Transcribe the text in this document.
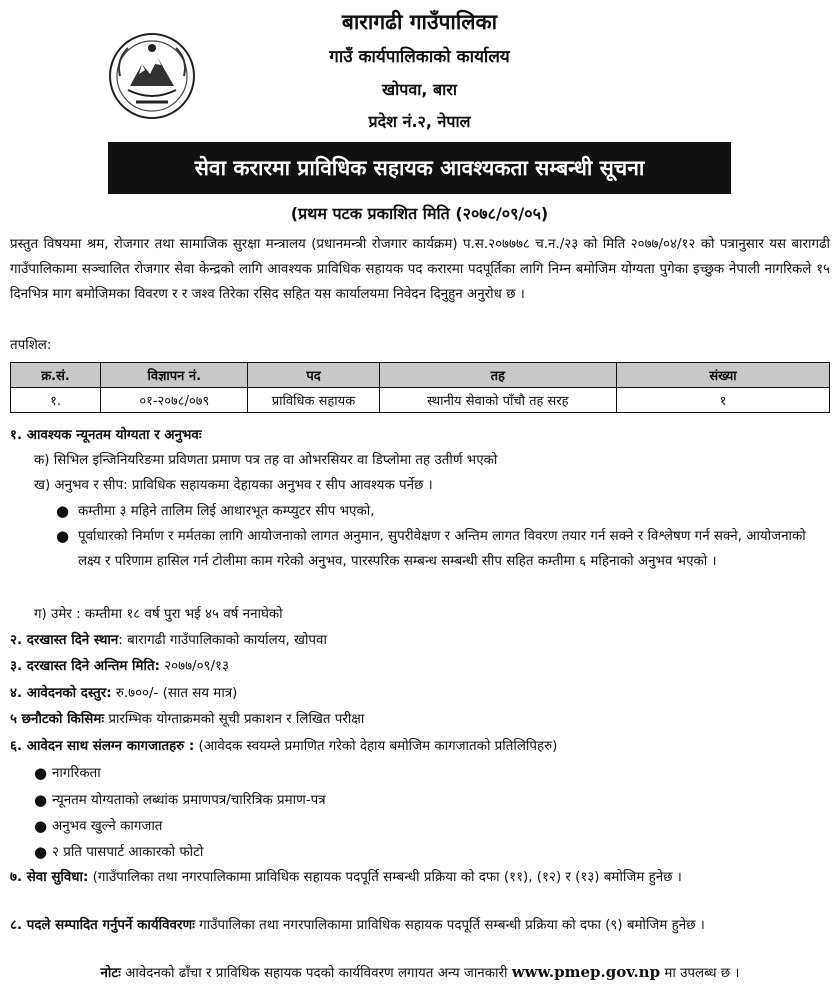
बारागढी गाउँपालिका
गाउँ कार्यपालिकाको कार्यालय
खोपवा, बारा
प्रदेश नं.२, नेपाल
सेवा करारमा प्राविधिक सहायक आवश्यकता सम्बन्धी सूचना
(प्रथम पटक प्रकाशित मिति (२०७८/०९/०५)

प्रस्तुत विषयमा श्रम, रोजगार तथा सामाजिक सुरक्षा मन्त्रालय (प्रधानमन्त्री रोजगार कार्यक्रम) प.स.२०७७७८ च.न./२३ को मिति २०७७/०४/१२ को पत्रानुसार यस बारागढी गाउँपालिकामा सञ्चालित रोजगार सेवा केन्द्रको लागि आवश्यक प्राविधिक सहायक पद करारमा पदपूर्तिका लागि निम्न बमोजिम योग्यता पुगेका इच्छुक नेपाली नागरिकले १५ दिनभित्र माग बमोजिमका विवरण र र जश्व तिरेका रसिद सहित यस कार्यालयमा निवेदन दिनुहुन अनुरोध छ ।

तपशिल:
क्र.सं.	विज्ञापन नं.	पद	तह	संख्या
१.	०१-२०७८/०७९	प्राविधिक सहायक	स्थानीय सेवाको पाँचौ तह सरह	१
१. आवश्यक न्यूनतम योग्यता र अनुभवः
क) सिभिल इन्जिनियरिङमा प्रविणता प्रमाण पत्र तह वा ओभरसियर वा डिप्लोमा तह उतीर्ण भएको
ख) अनुभव र सीप: प्राविधिक सहायकमा देहायका अनुभव र सीप आवश्यक पर्नेछ ।
● कम्तीमा ३ महिने तालिम लिई आधारभूत कम्प्युटर सीप भएको,
● पूर्वाधारको निर्माण र मर्मतका लागि आयोजनाको लागत अनुमान, सुपरीवेक्षण र अन्तिम लागत विवरण तयार गर्न सक्ने र विश्लेषण गर्न सक्ने, आयोजनाको लक्ष्य र परिणाम हासिल गर्न टोलीमा काम गरेको अनुभव, पारस्परिक सम्बन्ध सम्बन्धी सीप सहित कम्तीमा ६ महिनाको अनुभव भएको ।
ग) उमेर : कम्तीमा १८ वर्ष पुरा भई ४५ वर्ष ननाघेको
२. दरखास्त दिने स्थान: बारागढी गाउँपालिकाको कार्यालय, खोपवा
३. दरखास्त दिने अन्तिम मिति: २०७७/०९/१३
४. आवेदनको दस्तुर: रु.७००/- (सात सय मात्र)
५ छनौटको किसिमः प्रारम्भिक योग्ताक्रमको सूची प्रकाशन र लिखित परीक्षा
६. आवेदन साथ संलग्न कागजातहरु : (आवेदक स्वयम्ले प्रमाणित गरेको देहाय बमोजिम कागजातको प्रतिलिपिहरु)
● नागरिकता
● न्यूनतम योग्यताको लब्धांक प्रमाणपत्र/चारित्रिक प्रमाण-पत्र
● अनुभव खुल्ने कागजात
● २ प्रति पासपार्ट आकारको फोटो
७. सेवा सुविधा: (गाउँपालिका तथा नगरपालिकामा प्राविधिक सहायक पदपूर्ति सम्बन्धी प्रक्रिया को दफा (११), (१२) र (१३) बमोजिम हुनेछ ।
८. पदले सम्पादित गर्नुपर्ने कार्यविवरणः गाउँपालिका तथा नगरपालिकामा प्राविधिक सहायक पदपूर्ति सम्बन्धी प्रक्रिया को दफा (९) बमोजिम हुनेछ ।
नोटः आवेदनको ढाँचा र प्राविधिक सहायक पदको कार्यविवरण लगायत अन्य जानकारी www.pmep.gov.np मा उपलब्ध छ ।
